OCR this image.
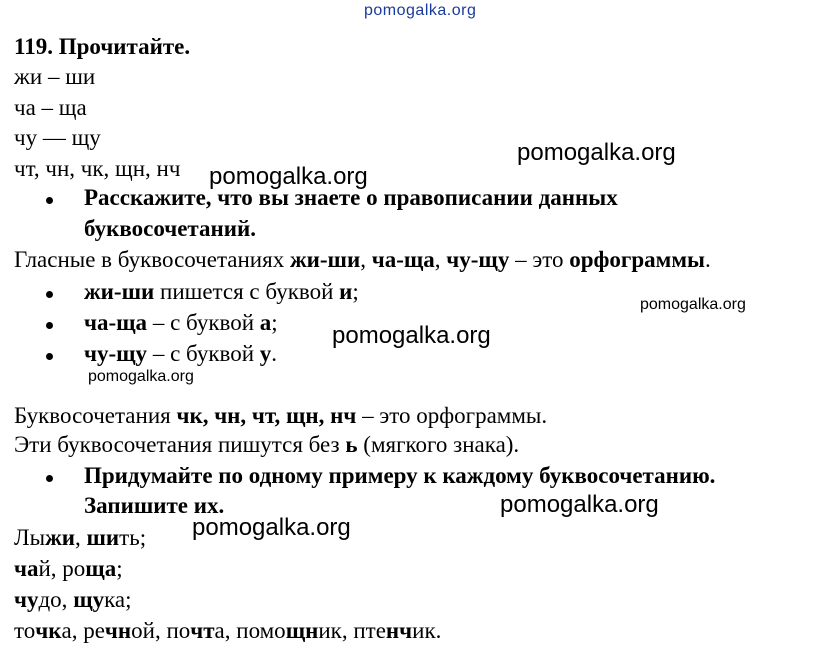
pomogalka.org
119. Прочитайте.
жи – ши
ча – ща
чу — щу
чт, чн, чк, щн, нч
pomogalka.org
pomogalka.org
Расскажите, что вы знаете о правописании данных
буквосочетаний.
Гласные в буквосочетаниях жи-ши, ча-ща, чу-щу – это орфограммы.
жи-ши пишется с буквой и;
ча-ща – с буквой а;
чу-щу – с буквой у.
pomogalka.org
pomogalka.org
pomogalka.org
Буквосочетания чк, чн, чт, щн, нч – это орфограммы.
Эти буквосочетания пишутся без ь (мягкого знака).
Придумайте по одному примеру к каждому буквосочетанию.
Запишите их.	pomogalka.org
pomogalka.org
Лыжи, шить;
чай, роща;
чудо, щука;
точка, речной, почта, помощник, птенчик.
